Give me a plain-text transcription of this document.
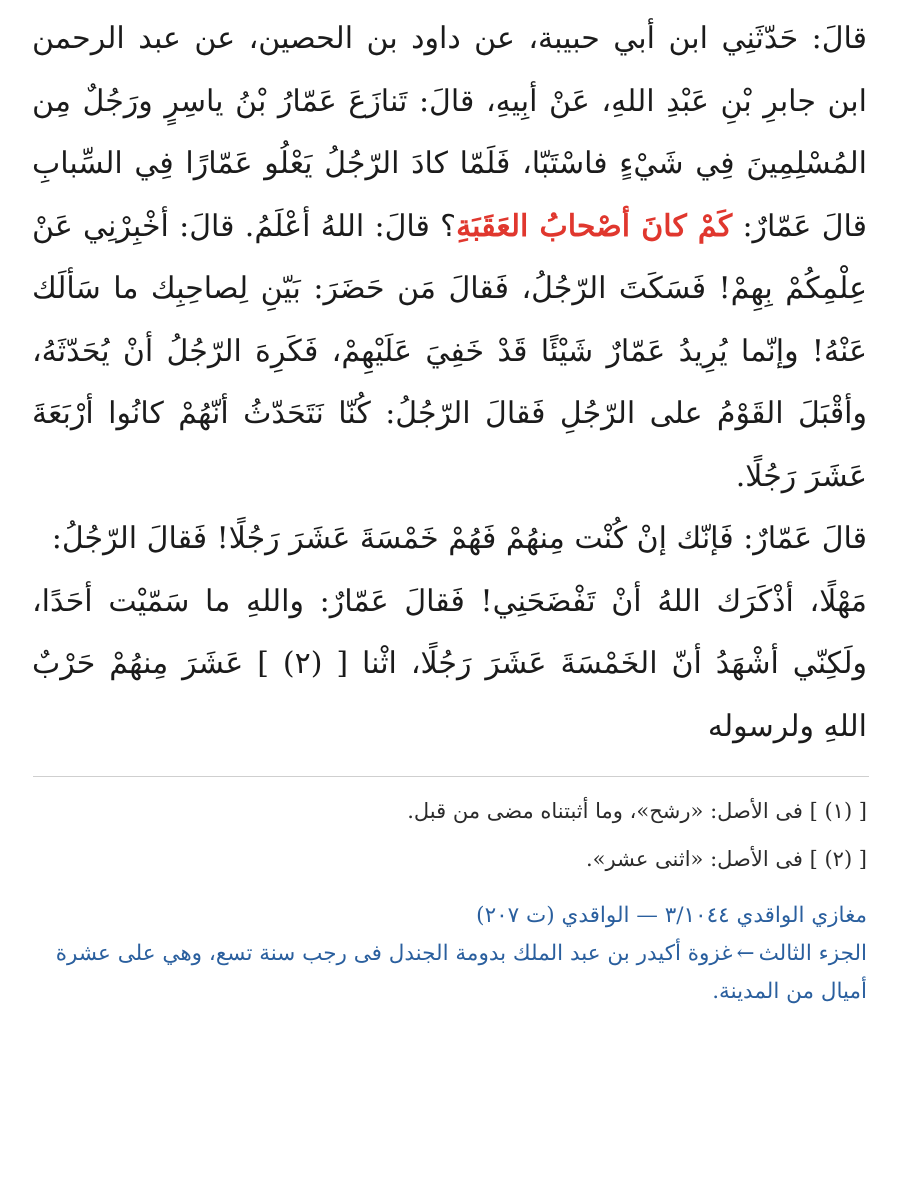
قالَ: حَدّثَنِي ابن أبي حبيبة، عن داود بن الحصين، عن عبد الرحمن ابن جابرِ بْنِ عَبْدِ اللهِ، عَنْ أبِيهِ، قالَ: تَنازَعَ عَمّارُ بْنُ ياسِرٍ ورَجُلٌ مِن المُسْلِمِينَ فِي شَيْءٍ فاسْتَبّا، فَلَمّا كادَ الرّجُلُ يَعْلُو عَمّارًا فِي السِّبابِ قالَ عَمّارٌ: كَمْ كانَ أصْحابُ العَقَبَةِ؟ قالَ: اللهُ أعْلَمُ. قالَ: أخْبِرْنِي عَنْ عِلْمِكُمْ بِهِمْ! فَسَكَتَ الرّجُلُ، فَقالَ مَن حَضَرَ: بَيّنِ لِصاحِبِك ما سَألَك عَنْهُ! وإنّما يُرِيدُ عَمّارٌ شَيْئًا قَدْ خَفِيَ عَلَيْهِمْ، فَكَرِهَ الرّجُلُ أنْ يُحَدّثَهُ، وأقْبَلَ القَوْمُ على الرّجُلِ فَقالَ الرّجُلُ: كُنّا نَتَحَدّثُ أنّهُمْ كانُوا أرْبَعَةَ عَشَرَ رَجُلًا.

قالَ عَمّارٌ: فَإنّك إنْ كُنْت مِنهُمْ فَهُمْ خَمْسَةَ عَشَرَ رَجُلًا! فَقالَ الرّجُلُ:

مَهْلًا، أذْكَرَك اللهُ أنْ تَفْضَحَنِي! فَقالَ عَمّارٌ: واللهِ ما سَمّيْت أحَدًا، ولَكِنّي أشْهَدُ أنّ الخَمْسَةَ عَشَرَ رَجُلًا، اثْنا [ (٢) ] عَشَرَ مِنهُمْ حَرْبٌ اللهِ ولرسوله

[ (١) ] فى الأصل: «رشح»، وما أثبتناه مضى من قبل.

[ (٢) ] فى الأصل: «اثنى عشر».

مغازي الواقدي ٣/١٠٤٤ — الواقدي (ت ٢٠٧)

الجزء الثالث←غزوة أكيدر بن عبد الملك بدومة الجندل فى رجب سنة تسع، وهي على عشرة أميال من المدينة.
